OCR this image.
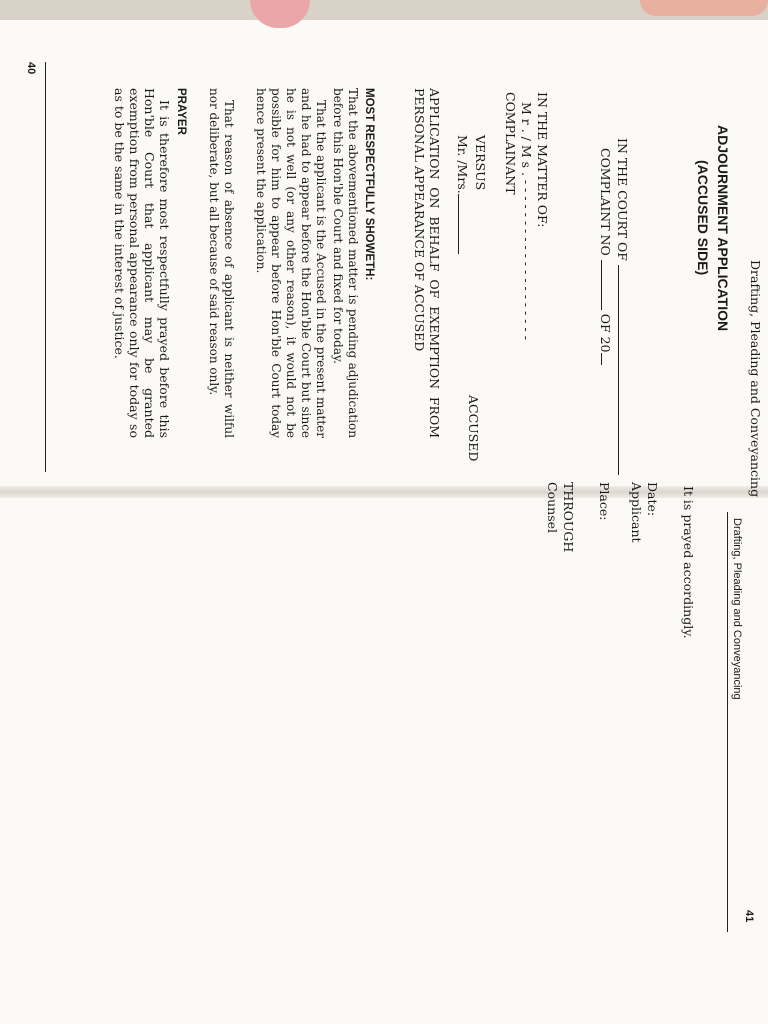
40
Drafting, Pleading and Conveyancing
ADJOURNMENT APPLICATION
(ACCUSED SIDE)
IN THE COURT OF
COMPLAINT NO  OF 20
IN THE MATTER OF:
M r . / M s . - - - - - - - - - - - - - - - - - - - -
COMPLAINANT
VERSUS
Mr. /Mrs.
ACCUSED
APPLICATION ON BEHALF OF EXEMPTION FROM PERSONAL APPEARANCE OF ACCUSED
MOST RESPECTFULLY SHOWETH:
That the abovementioned matter is pending adjudication before this Hon'ble Court and fixed for today.
That the applicant is the Accused in the present matter and he had to appear before the Hon'ble Court but since he is not well (or any other reason), it would not be possible for him to appear before Hon'ble Court today hence present the application.
That reason of absence of applicant is neither wilful nor deliberate, but all because of said reason only.
PRAYER
It is therefore most respectfully prayed before this Hon'ble Court that applicant may be granted exemption from personal appearance only for today so as to be the same in the interest of justice.
41
Drafting, Pleading and Conveyancing
It is prayed accordingly.
Date:
Applicant
Place:
THROUGH
Counsel
